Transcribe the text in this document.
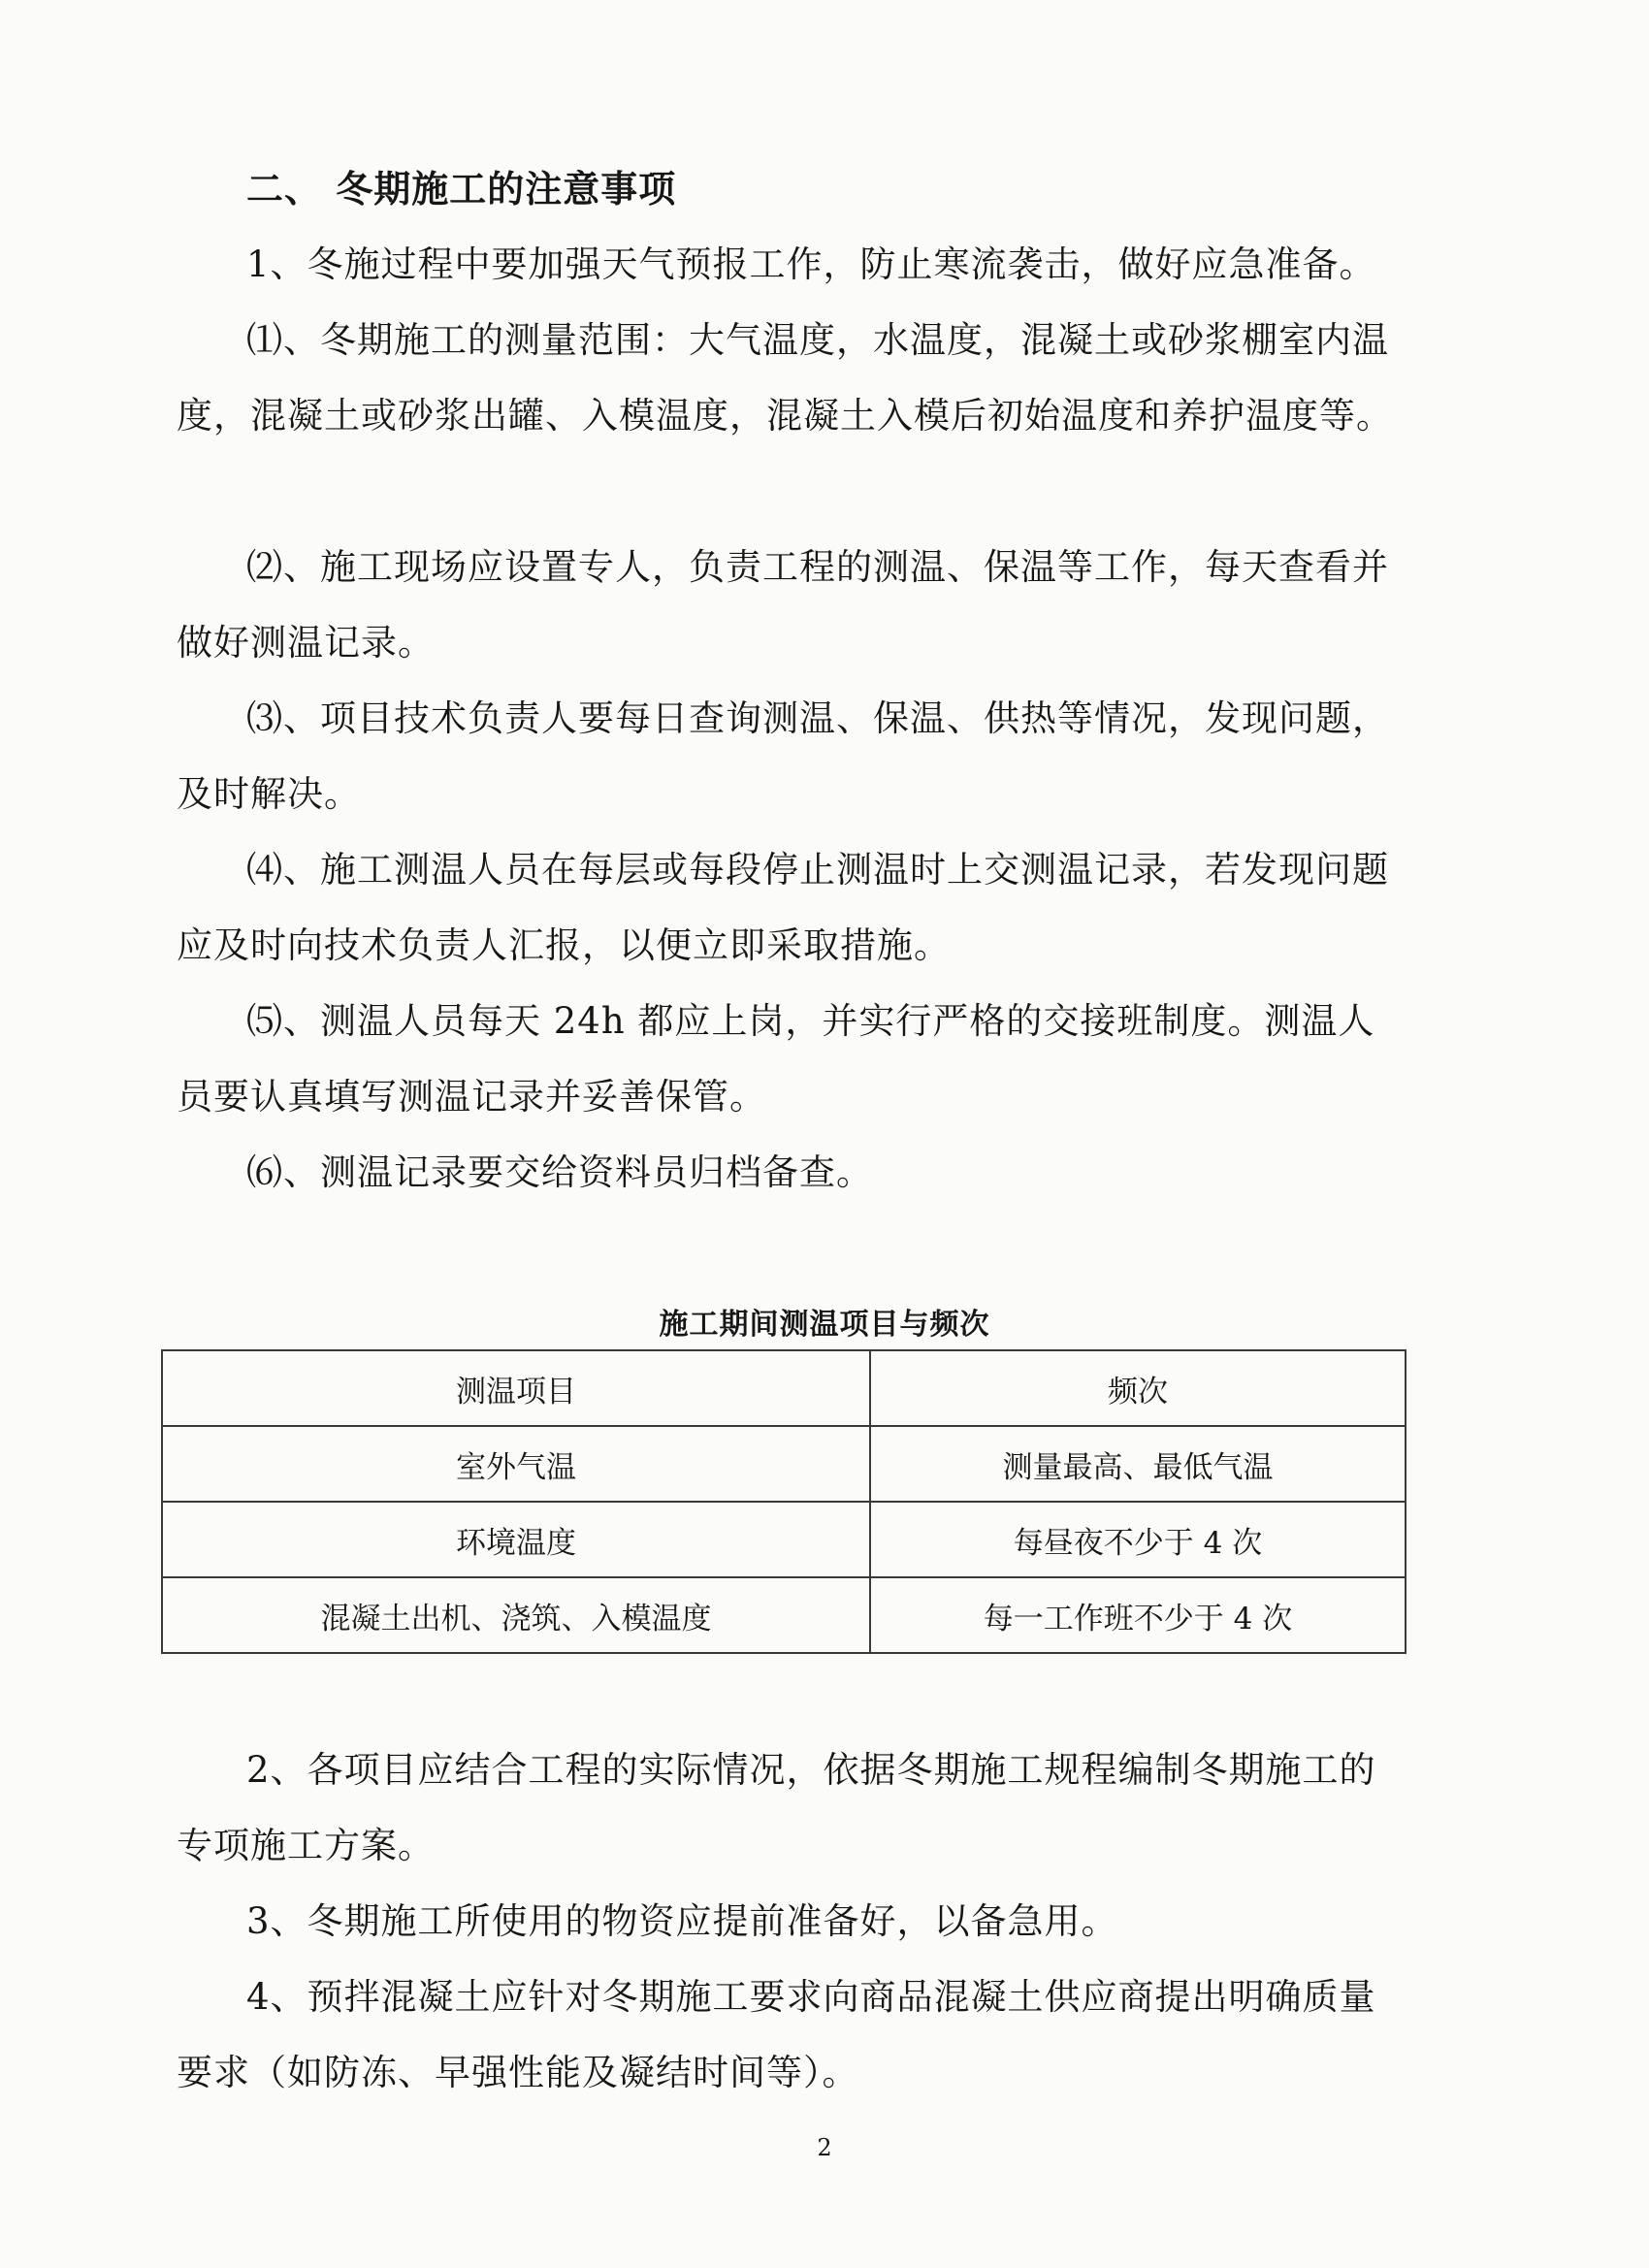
二、 冬期施工的注意事项

1、冬施过程中要加强天气预报工作，防止寒流袭击，做好应急准备。

⑴、冬期施工的测量范围：大气温度，水温度，混凝土或砂浆棚室内温度，混凝土或砂浆出罐、入模温度，混凝土入模后初始温度和养护温度等。

⑵、施工现场应设置专人，负责工程的测温、保温等工作，每天查看并做好测温记录。

⑶、项目技术负责人要每日查询测温、保温、供热等情况，发现问题，及时解决。

⑷、施工测温人员在每层或每段停止测温时上交测温记录，若发现问题应及时向技术负责人汇报，以便立即采取措施。

⑸、测温人员每天 24h 都应上岗，并实行严格的交接班制度。测温人员要认真填写测温记录并妥善保管。

⑹、测温记录要交给资料员归档备查。

施工期间测温项目与频次
测温项目	频次
室外气温	测量最高、最低气温
环境温度	每昼夜不少于 4 次
混凝土出机、浇筑、入模温度	每一工作班不少于 4 次

2、各项目应结合工程的实际情况，依据冬期施工规程编制冬期施工的专项施工方案。

3、冬期施工所使用的物资应提前准备好，以备急用。

4、预拌混凝土应针对冬期施工要求向商品混凝土供应商提出明确质量要求（如防冻、早强性能及凝结时间等）。

2
